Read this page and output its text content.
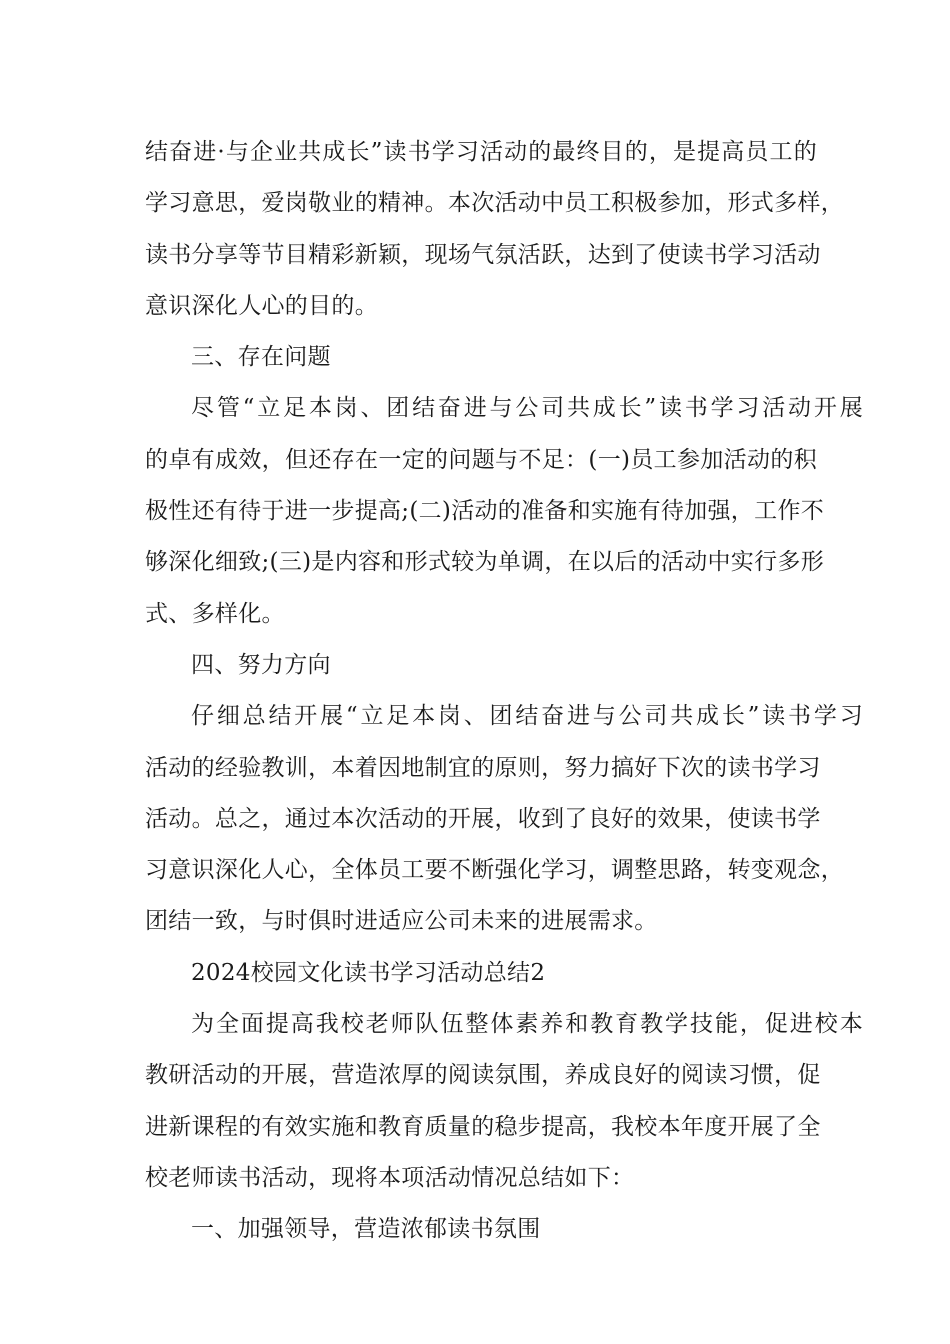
结奋进·与企业共成长”读书学习活动的最终目的，是提高员工的
学习意思，爱岗敬业的精神。本次活动中员工积极参加，形式多样，
读书分享等节目精彩新颖，现场气氛活跃，达到了使读书学习活动
意识深化人心的目的。
三、存在问题
尽管“立足本岗、团结奋进与公司共成长”读书学习活动开展
的卓有成效，但还存在一定的问题与不足：(一)员工参加活动的积
极性还有待于进一步提高;(二)活动的准备和实施有待加强，工作不
够深化细致;(三)是内容和形式较为单调，在以后的活动中实行多形
式、多样化。
四、努力方向
仔细总结开展“立足本岗、团结奋进与公司共成长”读书学习
活动的经验教训，本着因地制宜的原则，努力搞好下次的读书学习
活动。总之，通过本次活动的开展，收到了良好的效果，使读书学
习意识深化人心，全体员工要不断强化学习，调整思路，转变观念，
团结一致，与时俱时进适应公司未来的进展需求。
2024校园文化读书学习活动总结2
为全面提高我校老师队伍整体素养和教育教学技能，促进校本
教研活动的开展，营造浓厚的阅读氛围，养成良好的阅读习惯，促
进新课程的有效实施和教育质量的稳步提高，我校本年度开展了全
校老师读书活动，现将本项活动情况总结如下：
一、加强领导，营造浓郁读书氛围
